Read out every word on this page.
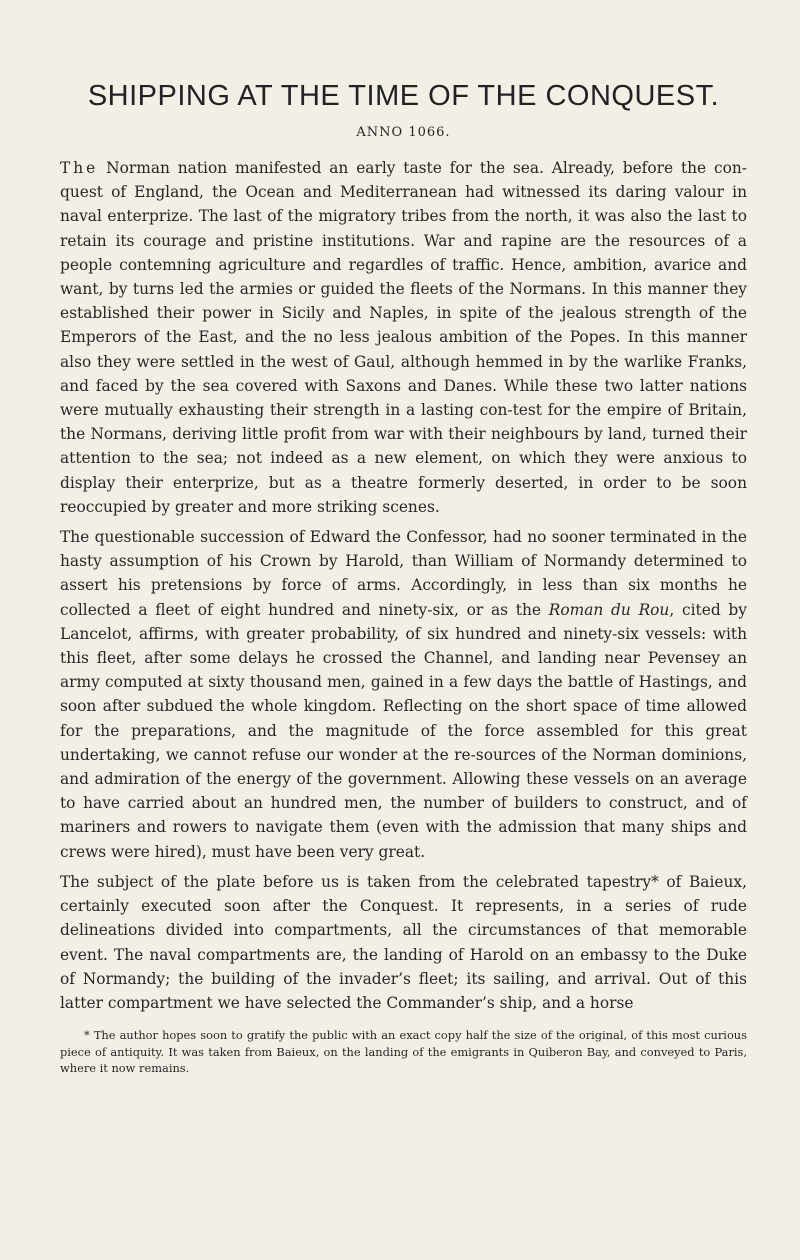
SHIPPING AT THE TIME OF THE CONQUEST.
ANNO 1066.

The Norman nation manifested an early taste for the sea. Already, before the con-quest of England, the Ocean and Mediterranean had witnessed its daring valour in naval enterprize. The last of the migratory tribes from the north, it was also the last to retain its courage and pristine institutions. War and rapine are the resources of a people contemning agriculture and regardles of traffic. Hence, ambition, avarice and want, by turns led the armies or guided the fleets of the Normans. In this manner they established their power in Sicily and Naples, in spite of the jealous strength of the Emperors of the East, and the no less jealous ambition of the Popes. In this manner also they were settled in the west of Gaul, although hemmed in by the warlike Franks, and faced by the sea covered with Saxons and Danes. While these two latter nations were mutually exhausting their strength in a lasting con-test for the empire of Britain, the Normans, deriving little profit from war with their neighbours by land, turned their attention to the sea; not indeed as a new element, on which they were anxious to display their enterprize, but as a theatre formerly deserted, in order to be soon reoccupied by greater and more striking scenes.

The questionable succession of Edward the Confessor, had no sooner terminated in the hasty assumption of his Crown by Harold, than William of Normandy determined to assert his pretensions by force of arms. Accordingly, in less than six months he collected a fleet of eight hundred and ninety-six, or as the Roman du Rou, cited by Lancelot, affirms, with greater probability, of six hundred and ninety-six vessels: with this fleet, after some delays he crossed the Channel, and landing near Pevensey an army computed at sixty thousand men, gained in a few days the battle of Hastings, and soon after subdued the whole kingdom. Reflecting on the short space of time allowed for the preparations, and the magnitude of the force assembled for this great undertaking, we cannot refuse our wonder at the re-sources of the Norman dominions, and admiration of the energy of the government. Allowing these vessels on an average to have carried about an hundred men, the number of builders to construct, and of mariners and rowers to navigate them (even with the admission that many ships and crews were hired), must have been very great.

The subject of the plate before us is taken from the celebrated tapestry* of Baieux, certainly executed soon after the Conquest. It represents, in a series of rude delineations divided into compartments, all the circumstances of that memorable event. The naval compartments are, the landing of Harold on an embassy to the Duke of Normandy; the building of the invader’s fleet; its sailing, and arrival. Out of this latter compartment we have selected the Commander’s ship, and a horse

* The author hopes soon to gratify the public with an exact copy half the size of the original, of this most curious piece of antiquity. It was taken from Baieux, on the landing of the emigrants in Quiberon Bay, and conveyed to Paris, where it now remains.
